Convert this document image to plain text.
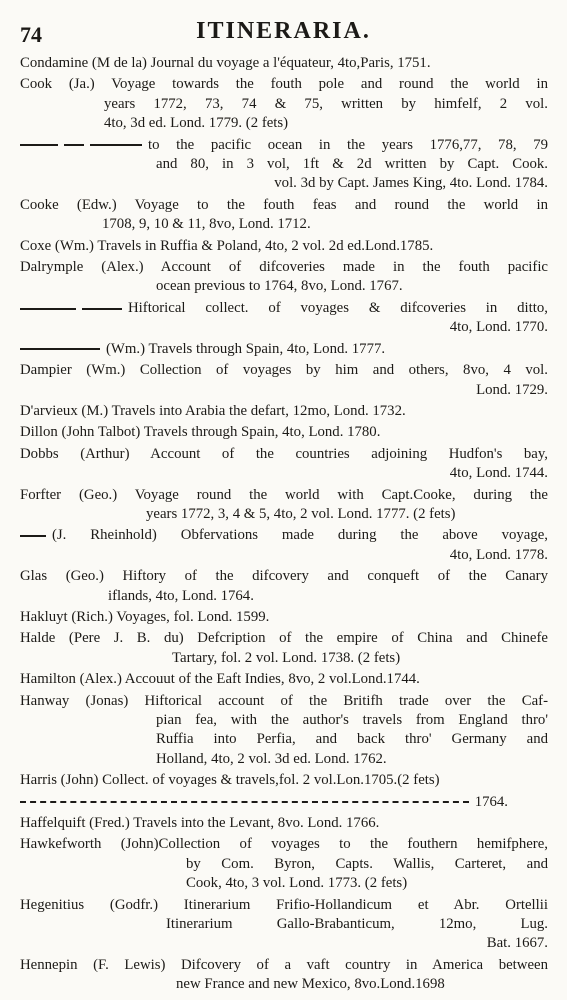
74	ITINERARIA.
Condamine (M de la) Journal du voyage a l'équateur, 4to,Paris, 1751.
Cook (Ja.) Voyage towards the fouth pole and round the world in
years 1772, 73, 74 & 75, written by himfelf, 2 vol.
4to, 3d ed. Lond. 1779. (2 fets)
to the pacific ocean in the years 1776,77, 78, 79
and 80, in 3 vol, 1ft & 2d written by Capt. Cook.
vol. 3d by Capt. James King, 4to. Lond. 1784.
Cooke (Edw.) Voyage to the fouth feas and round the world in
1708, 9, 10 & 11, 8vo, Lond. 1712.
Coxe (Wm.) Travels in Ruffia & Poland, 4to, 2 vol. 2d ed.Lond.1785.
Dalrymple (Alex.) Account of difcoveries made in the fouth pacific
ocean previous to 1764, 8vo, Lond. 1767.
Hiftorical collect. of voyages & difcoveries in ditto,
4to, Lond. 1770.
(Wm.) Travels through Spain, 4to, Lond. 1777.
Dampier (Wm.) Collection of voyages by him and others, 8vo, 4 vol.
Lond. 1729.
D'arvieux (M.) Travels into Arabia the defart, 12mo, Lond. 1732.
Dillon (John Talbot) Travels through Spain, 4to, Lond. 1780.
Dobbs (Arthur) Account of the countries adjoining Hudfon's bay,
4to, Lond. 1744.
Forfter (Geo.) Voyage round the world with Capt.Cooke, during the
years 1772, 3, 4 & 5, 4to, 2 vol. Lond. 1777. (2 fets)
(J. Rheinhold) Obfervations made during the above voyage,
4to, Lond. 1778.
Glas (Geo.) Hiftory of the difcovery and conqueft of the Canary
iflands, 4to, Lond. 1764.
Hakluyt (Rich.) Voyages, fol. Lond. 1599.
Halde (Pere J. B. du) Defcription of the empire of China and Chinefe
Tartary, fol. 2 vol. Lond. 1738. (2 fets)
Hamilton (Alex.) Accouut of the Eaft Indies, 8vo, 2 vol.Lond.1744.
Hanway (Jonas) Hiftorical account of the Britifh trade over the Caf-
pian fea, with the author's travels from England thro'
Ruffia into Perfia, and back thro' Germany and
Holland, 4to, 2 vol. 3d ed. Lond. 1762.
Harris (John) Collect. of voyages & travels,fol. 2 vol.Lon.1705.(2 fets)
1764.
Haffelquift (Fred.) Travels into the Levant, 8vo. Lond. 1766.
Hawkefworth (John)Collection of voyages to the fouthern hemifphere,
by Com. Byron, Capts. Wallis, Carteret, and
Cook, 4to, 3 vol. Lond. 1773. (2 fets)
Hegenitius (Godfr.) Itinerarium Frifio-Hollandicum et Abr. Ortellii
Itinerarium Gallo-Brabanticum, 12mo, Lug.
Bat. 1667.
Hennepin (F. Lewis) Difcovery of a vaft country in America between
new France and new Mexico, 8vo.Lond.1698
